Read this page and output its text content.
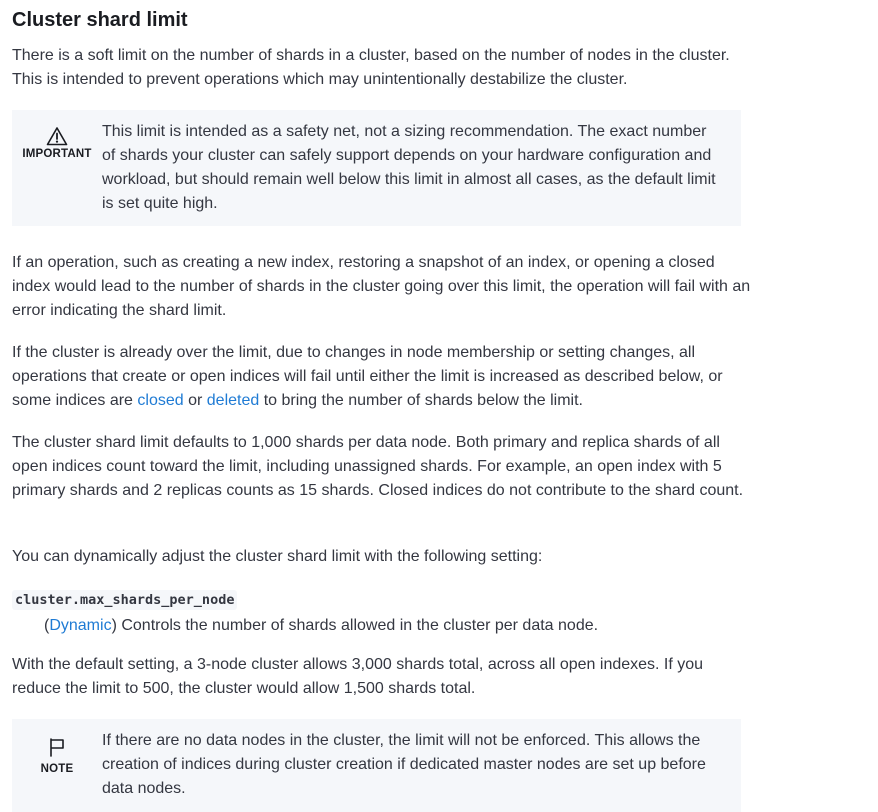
Cluster shard limit

There is a soft limit on the number of shards in a cluster, based on the number of nodes in the cluster. This is intended to prevent operations which may unintentionally destabilize the cluster.

IMPORTANT

This limit is intended as a safety net, not a sizing recommendation. The exact number of shards your cluster can safely support depends on your hardware configuration and workload, but should remain well below this limit in almost all cases, as the default limit is set quite high.

If an operation, such as creating a new index, restoring a snapshot of an index, or opening a closed index would lead to the number of shards in the cluster going over this limit, the operation will fail with an error indicating the shard limit.

If the cluster is already over the limit, due to changes in node membership or setting changes, all operations that create or open indices will fail until either the limit is increased as described below, or some indices are closed or deleted to bring the number of shards below the limit.

The cluster shard limit defaults to 1,000 shards per data node. Both primary and replica shards of all open indices count toward the limit, including unassigned shards. For example, an open index with 5 primary shards and 2 replicas counts as 15 shards. Closed indices do not contribute to the shard count.

You can dynamically adjust the cluster shard limit with the following setting:

cluster.max_shards_per_node

(Dynamic) Controls the number of shards allowed in the cluster per data node.

With the default setting, a 3-node cluster allows 3,000 shards total, across all open indexes. If you reduce the limit to 500, the cluster would allow 1,500 shards total.

NOTE

If there are no data nodes in the cluster, the limit will not be enforced. This allows the creation of indices during cluster creation if dedicated master nodes are set up before data nodes.
